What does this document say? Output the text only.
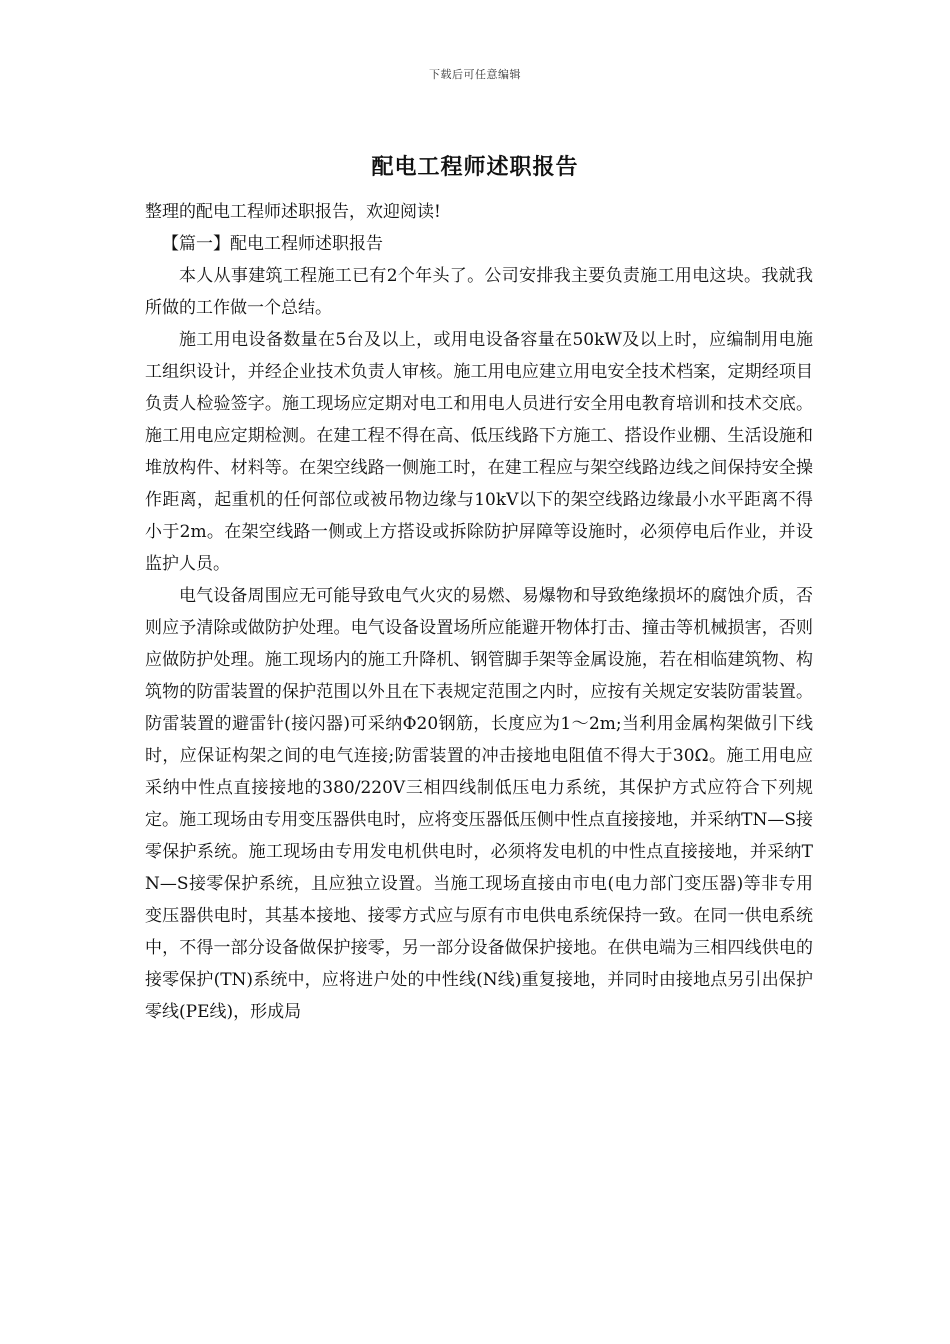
下载后可任意编辑
配电工程师述职报告

整理的配电工程师述职报告，欢迎阅读!

【篇一】配电工程师述职报告

本人从事建筑工程施工已有2个年头了。公司安排我主要负责施工用电这块。我就我所做的工作做一个总结。

施工用电设备数量在5台及以上，或用电设备容量在50kW及以上时，应编制用电施工组织设计，并经企业技术负责人审核。施工用电应建立用电安全技术档案，定期经项目负责人检验签字。施工现场应定期对电工和用电人员进行安全用电教育培训和技术交底。施工用电应定期检测。在建工程不得在高、低压线路下方施工、搭设作业棚、生活设施和堆放构件、材料等。在架空线路一侧施工时，在建工程应与架空线路边线之间保持安全操作距离，起重机的任何部位或被吊物边缘与10kV以下的架空线路边缘最小水平距离不得小于2m。在架空线路一侧或上方搭设或拆除防护屏障等设施时，必须停电后作业，并设监护人员。

电气设备周围应无可能导致电气火灾的易燃、易爆物和导致绝缘损坏的腐蚀介质，否则应予清除或做防护处理。电气设备设置场所应能避开物体打击、撞击等机械损害，否则应做防护处理。施工现场内的施工升降机、钢管脚手架等金属设施，若在相临建筑物、构筑物的防雷装置的保护范围以外且在下表规定范围之内时，应按有关规定安装防雷装置。防雷装置的避雷针(接闪器)可采纳Φ20钢筋，长度应为1～2m;当利用金属构架做引下线时，应保证构架之间的电气连接;防雷装置的冲击接地电阻值不得大于30Ω。施工用电应采纳中性点直接接地的380/220V三相四线制低压电力系统，其保护方式应符合下列规定。施工现场由专用变压器供电时，应将变压器低压侧中性点直接接地，并采纳TN—S接零保护系统。施工现场由专用发电机供电时，必须将发电机的中性点直接接地，并采纳TN—S接零保护系统，且应独立设置。当施工现场直接由市电(电力部门变压器)等非专用变压器供电时，其基本接地、接零方式应与原有市电供电系统保持一致。在同一供电系统中，不得一部分设备做保护接零，另一部分设备做保护接地。在供电端为三相四线供电的接零保护(TN)系统中，应将进户处的中性线(N线)重复接地，并同时由接地点另引出保护零线(PE线)，形成局
